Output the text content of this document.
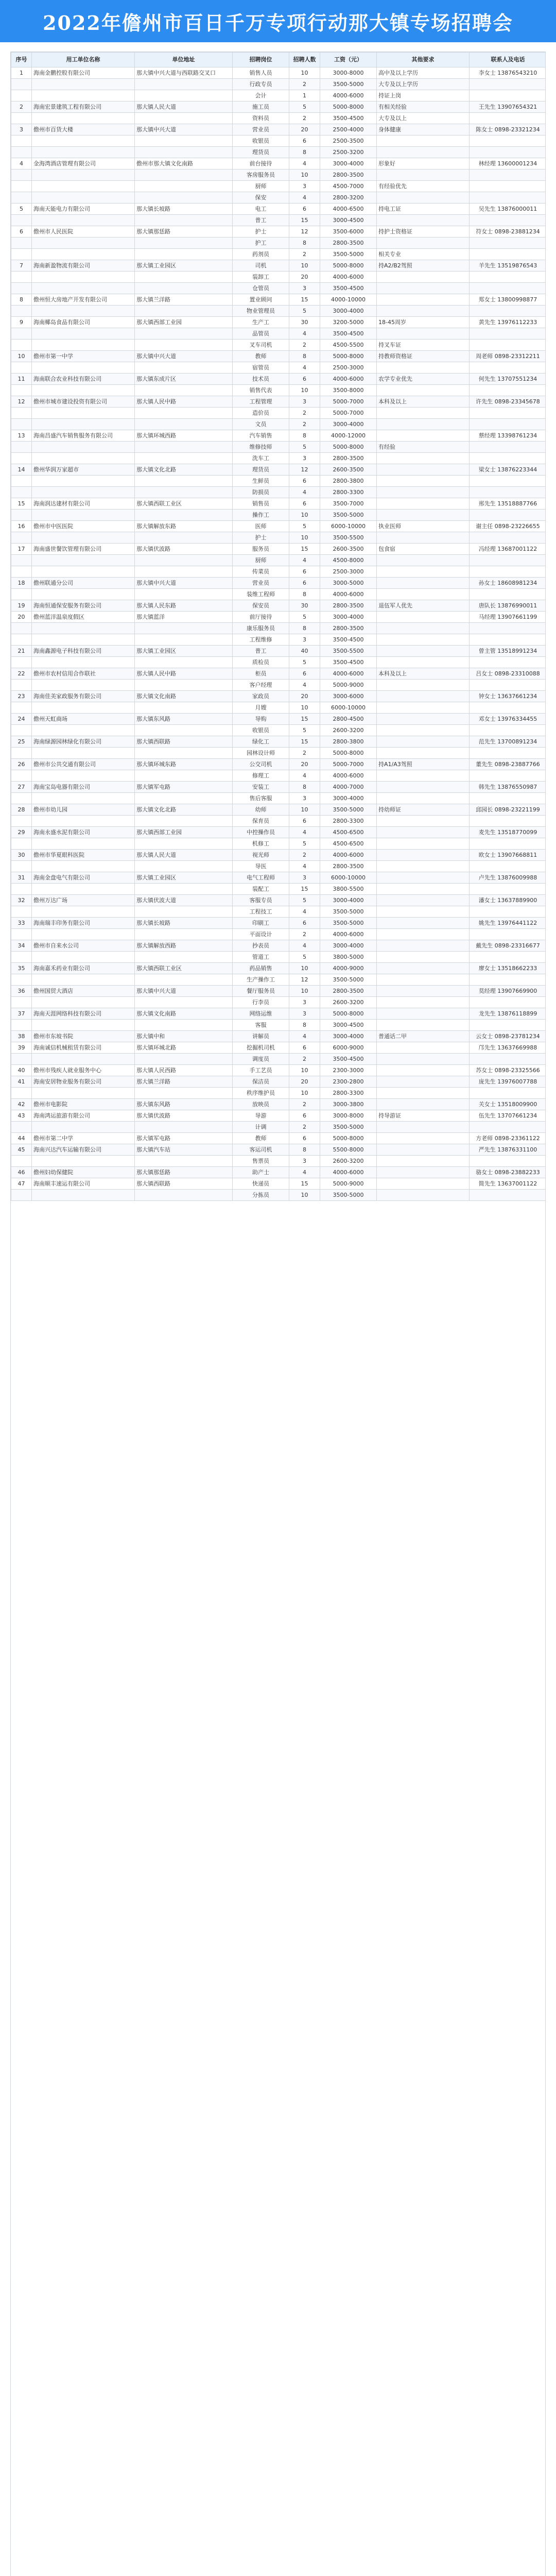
2022年儋州市百日千万专项行动那大镇专场招聘会
序号	用工单位名称	单位地址	招聘岗位	招聘人数	工资（元）	其他要求	联系人及电话
1	海南金鹏控股有限公司	那大镇中兴大道与西联路交叉口	销售人员	10	3000-8000	高中及以上学历	李女士 13876543210
			行政专员	2	3500-5000	大专及以上学历	
			会计	1	4000-6000	持证上岗	
2	海南宏景建筑工程有限公司	那大镇人民大道	施工员	5	5000-8000	有相关经验	王先生 13907654321
			资料员	2	3500-4500	大专及以上	
3	儋州市百货大楼	那大镇中兴大道	营业员	20	2500-4000	身体健康	陈女士 0898-23321234
			收银员	6	2500-3500		
			理货员	8	2500-3200		
4	金海湾酒店管理有限公司	儋州市那大镇文化南路	前台接待	4	3000-4000	形象好	林经理 13600001234
			客房服务员	10	2800-3500		
			厨师	3	4500-7000	有经验优先	
			保安	4	2800-3200		
5	海南天能电力有限公司	那大镇长坡路	电工	6	4000-6500	持电工证	吴先生 13876000011
			普工	15	3000-4500		
6	儋州市人民医院	那大镇那恁路	护士	12	3500-6000	持护士资格证	符女士 0898-23881234
			护工	8	2800-3500		
			药剂员	2	3500-5000	相关专业	
7	海南新盈物流有限公司	那大镇工业园区	司机	10	5000-8000	持A2/B2驾照	羊先生 13519876543
			装卸工	20	4000-6000		
			仓管员	3	3500-4500		
8	儋州恒大房地产开发有限公司	那大镇兰洋路	置业顾问	15	4000-10000		郑女士 13800998877
			物业管理员	5	3000-4000		
9	海南椰岛食品有限公司	那大镇西部工业园	生产工	30	3200-5000	18-45周岁	黄先生 13976112233
			品管员	4	3500-4500		
			叉车司机	2	4500-5500	持叉车证	
10	儋州市第一中学	那大镇中兴大道	教师	8	5000-8000	持教师资格证	周老师 0898-23312211
			宿管员	4	2500-3000		
11	海南联合农业科技有限公司	那大镇东成片区	技术员	6	4000-6000	农学专业优先	何先生 13707551234
			销售代表	10	3500-8000		
12	儋州市城市建设投资有限公司	那大镇人民中路	工程管理	3	5000-7000	本科及以上	许先生 0898-23345678
			造价员	2	5000-7000		
			文员	2	3000-4000		
13	海南昌盛汽车销售服务有限公司	那大镇环城西路	汽车销售	8	4000-12000		蔡经理 13398761234
			维修技师	5	5000-8000	有经验	
			洗车工	3	2800-3500		
14	儋州华润万家超市	那大镇文化北路	理货员	12	2600-3500		梁女士 13876223344
			生鲜员	6	2800-3800		
			防损员	4	2800-3300		
15	海南润达建材有限公司	那大镇西联工业区	销售员	6	3500-7000		邢先生 13518887766
			操作工	10	3500-5000		
16	儋州市中医医院	那大镇解放东路	医师	5	6000-10000	执业医师	谢主任 0898-23226655
			护士	10	3500-5500		
17	海南盛世餐饮管理有限公司	那大镇伏波路	服务员	15	2600-3500	包食宿	冯经理 13687001122
			厨师	4	4500-8000		
			传菜员	6	2500-3000		
18	儋州联通分公司	那大镇中兴大道	营业员	6	3000-5000		孙女士 18608981234
			装维工程师	8	4000-6000		
19	海南恒通保安服务有限公司	那大镇人民东路	保安员	30	2800-3500	退伍军人优先	唐队长 13876990011
20	儋州蓝洋温泉度假区	那大镇蓝洋	前厅接待	5	3000-4000		马经理 13907661199
			康乐服务员	8	2800-3500		
			工程维修	3	3500-4500		
21	海南鑫源电子科技有限公司	那大镇工业园区	普工	40	3500-5500		曾主管 13518991234
			质检员	5	3500-4500		
22	儋州市农村信用合作联社	那大镇人民中路	柜员	6	4000-6000	本科及以上	吕女士 0898-23310088
			客户经理	4	5000-9000		
23	海南佳美家政服务有限公司	那大镇文化南路	家政员	20	3000-6000		钟女士 13637661234
			月嫂	10	6000-10000		
24	儋州天虹商场	那大镇东风路	导购	15	2800-4500		邓女士 13976334455
			收银员	5	2600-3200		
25	海南绿源园林绿化有限公司	那大镇西联路	绿化工	15	2800-3800		范先生 13700891234
			园林设计师	2	5000-8000		
26	儋州市公共交通有限公司	那大镇环城东路	公交司机	20	5000-7000	持A1/A3驾照	董先生 0898-23887766
			修理工	4	4000-6000		
27	海南宝岛电器有限公司	那大镇军屯路	安装工	8	4000-7000		韩先生 13876550987
			售后客服	3	3000-4000		
28	儋州市幼儿园	那大镇文化北路	幼师	10	3500-5000	持幼师证	邱园长 0898-23221199
			保育员	6	2800-3300		
29	海南永盛水泥有限公司	那大镇西部工业园	中控操作员	4	4500-6500		麦先生 13518770099
			机修工	5	4500-6500		
30	儋州市华夏眼科医院	那大镇人民大道	视光师	2	4000-6000		欧女士 13907668811
			导医	4	2800-3500		
31	海南金盘电气有限公司	那大镇工业园区	电气工程师	3	6000-10000		卢先生 13876009988
			装配工	15	3800-5500		
32	儋州万达广场	那大镇伏波大道	客服专员	5	3000-4000		潘女士 13637889900
			工程技工	4	3500-5000		
33	海南瑞丰印务有限公司	那大镇长坡路	印刷工	6	3500-5000		姚先生 13976441122
			平面设计	2	4000-6000		
34	儋州市自来水公司	那大镇解放西路	抄表员	4	3000-4000		戴先生 0898-23316677
			管道工	5	3800-5000		
35	海南嘉禾药业有限公司	那大镇西联工业区	药品销售	10	4000-9000		廖女士 13518662233
			生产操作工	12	3500-5000		
36	儋州国贸大酒店	那大镇中兴大道	餐厅服务员	10	2800-3500		莫经理 13907669900
			行李员	3	2600-3200		
37	海南天涯网络科技有限公司	那大镇文化南路	网络运维	3	5000-8000		龙先生 13876118899
			客服	8	3000-4500		
38	儋州市东坡书院	那大镇中和	讲解员	4	3000-4000	普通话二甲	云女士 0898-23781234
39	海南诚信机械租赁有限公司	那大镇环城北路	挖掘机司机	6	6000-9000		邝先生 13637669988
			调度员	2	3500-4500		
40	儋州市残疾人就业服务中心	那大镇人民西路	手工艺员	10	2300-3000		苏女士 0898-23325566
41	海南安居物业服务有限公司	那大镇兰洋路	保洁员	20	2300-2800		庞先生 13976007788
			秩序维护员	10	2800-3300		
42	儋州市电影院	那大镇东风路	放映员	2	3000-3800		关女士 13518009900
43	海南鸿运旅游有限公司	那大镇伏波路	导游	6	3000-8000	持导游证	伍先生 13707661234
			计调	2	3500-5000		
44	儋州市第二中学	那大镇军屯路	教师	6	5000-8000		方老师 0898-23361122
45	海南兴达汽车运输有限公司	那大镇汽车站	客运司机	8	5500-8000		严先生 13876331100
			售票员	3	2600-3200		
46	儋州妇幼保健院	那大镇那恁路	助产士	4	4000-6000		骆女士 0898-23882233
47	海南顺丰速运有限公司	那大镇西联路	快递员	15	5000-9000		简先生 13637001122
			分拣员	10	3500-5000		
